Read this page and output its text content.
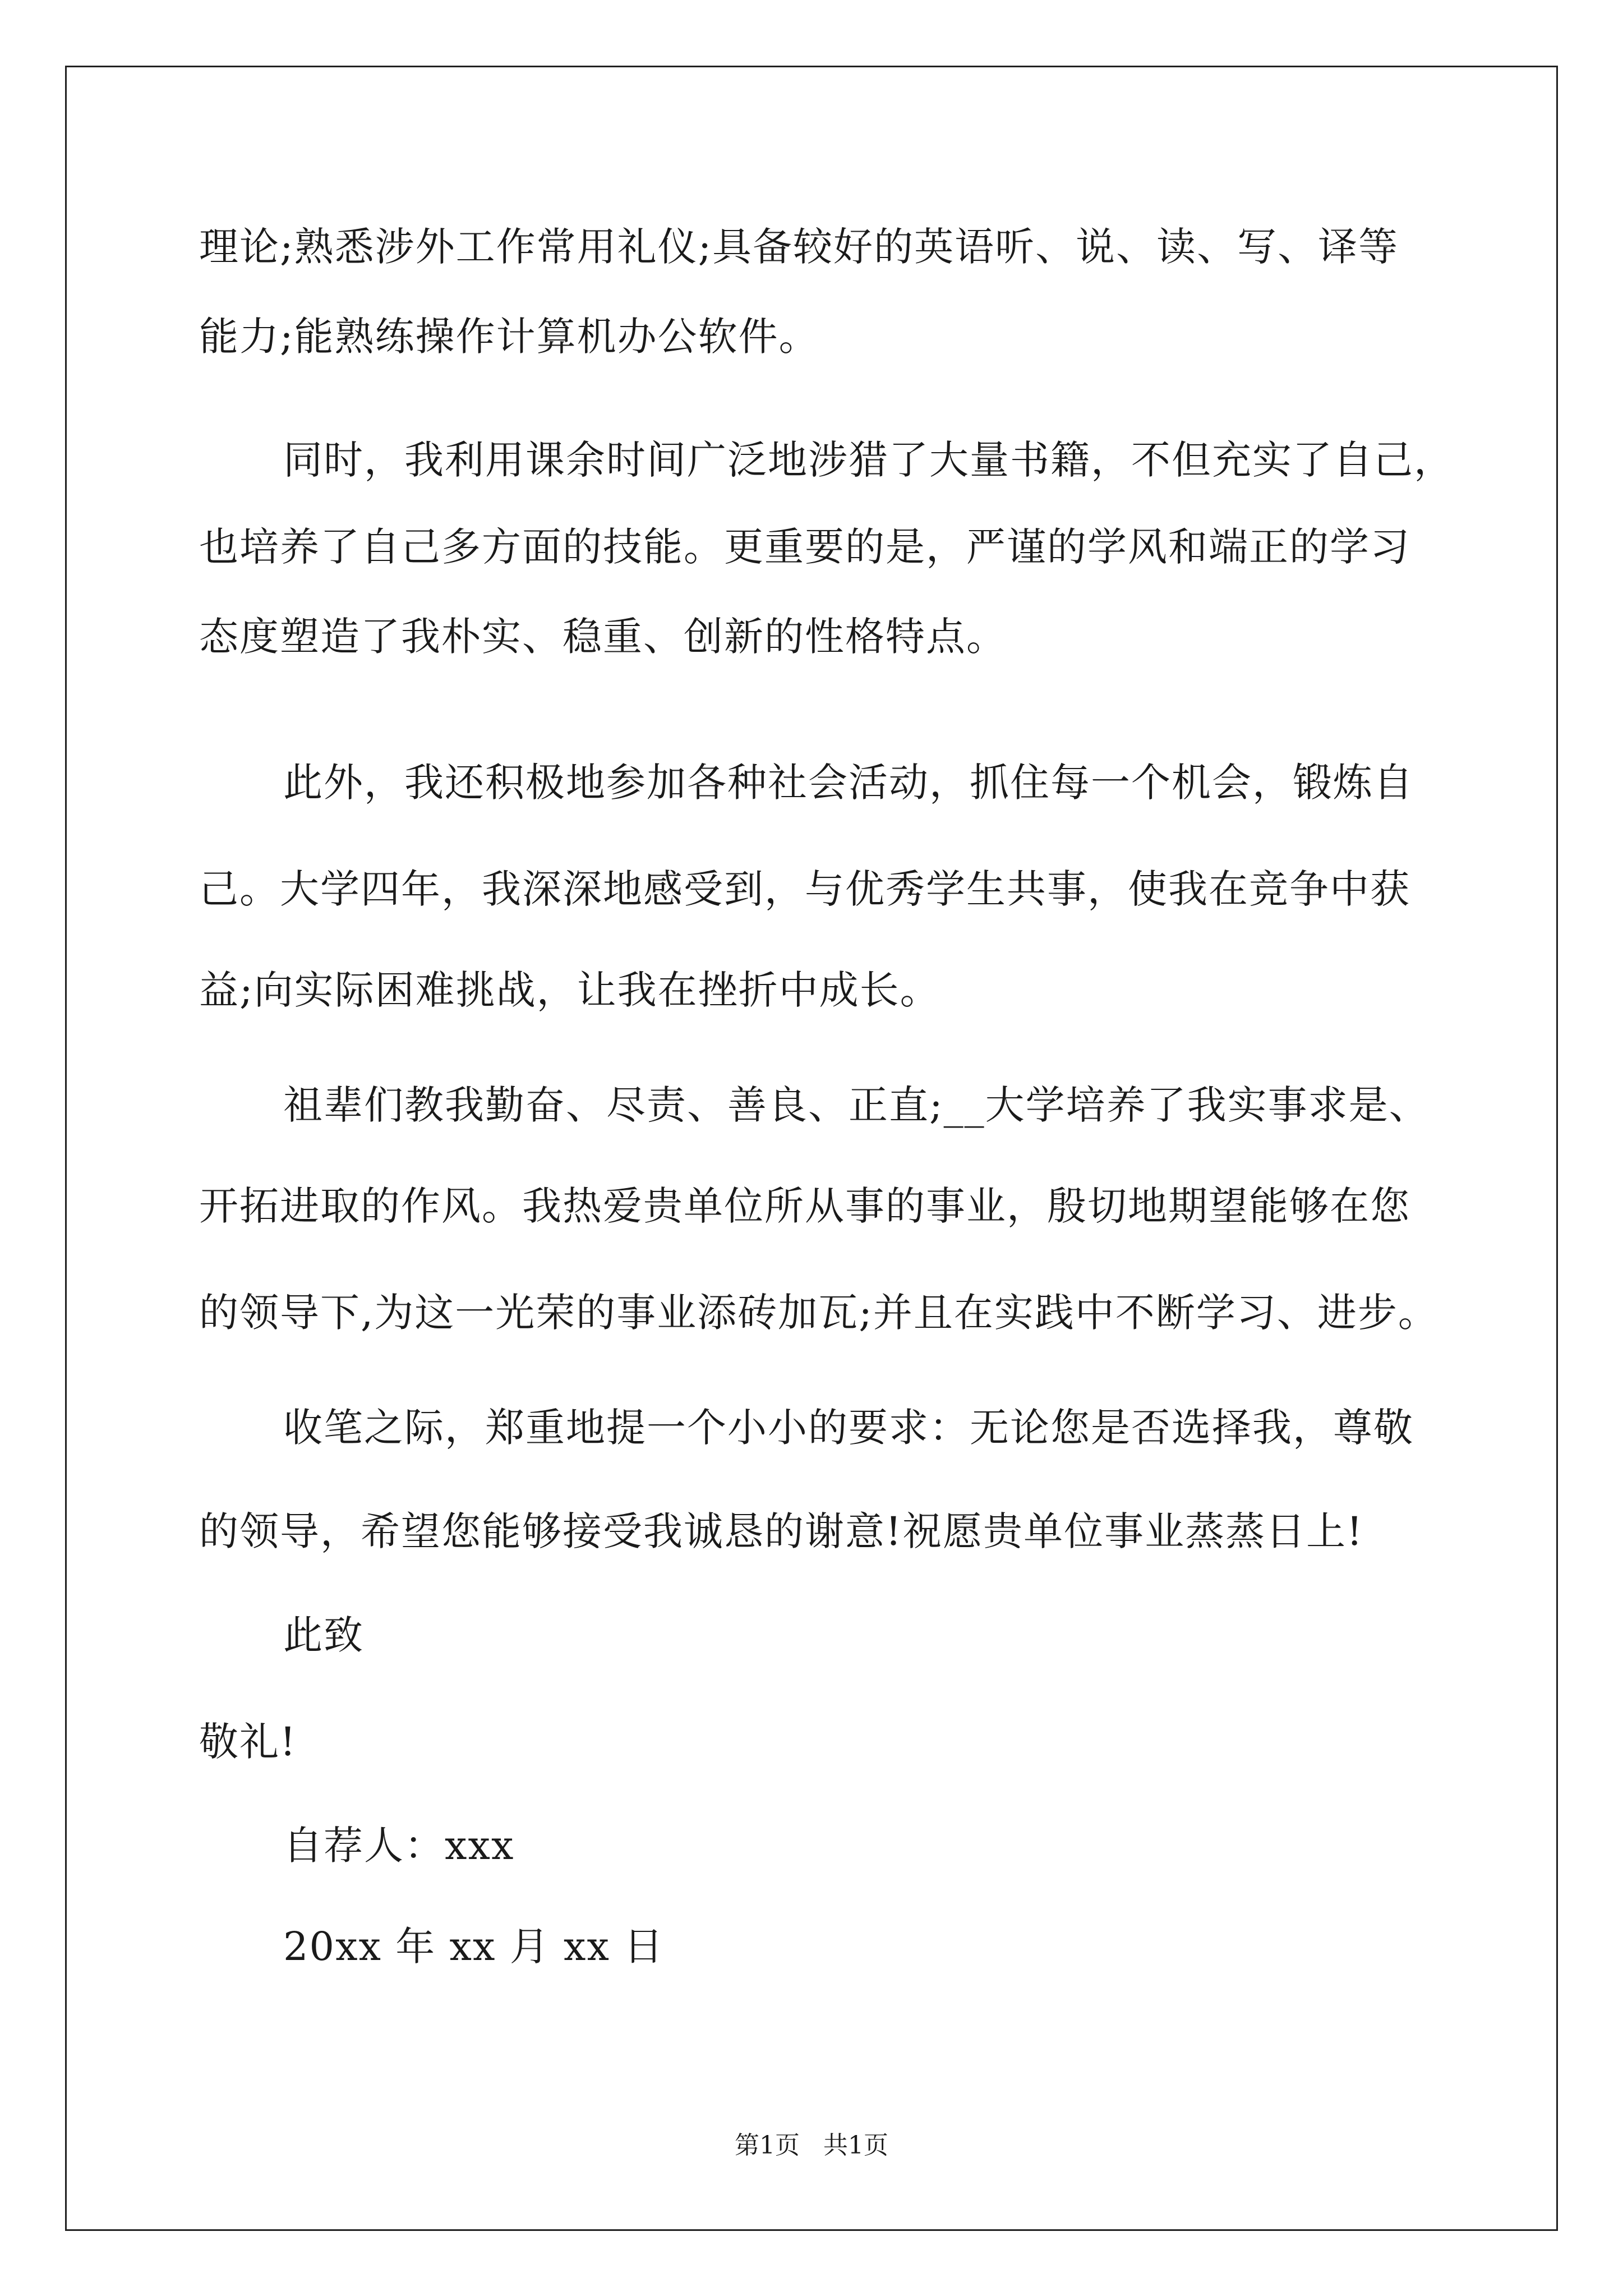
理论;熟悉涉外工作常用礼仪;具备较好的英语听、说、读、写、译等
能力;能熟练操作计算机办公软件。
同时，我利用课余时间广泛地涉猎了大量书籍，不但充实了自己，
也培养了自己多方面的技能。更重要的是，严谨的学风和端正的学习
态度塑造了我朴实、稳重、创新的性格特点。
此外，我还积极地参加各种社会活动，抓住每一个机会，锻炼自
己。大学四年，我深深地感受到，与优秀学生共事，使我在竞争中获
益;向实际困难挑战，让我在挫折中成长。
祖辈们教我勤奋、尽责、善良、正直;__大学培养了我实事求是、
开拓进取的作风。我热爱贵单位所从事的事业，殷切地期望能够在您
的领导下,为这一光荣的事业添砖加瓦;并且在实践中不断学习、进步。
收笔之际，郑重地提一个小小的要求：无论您是否选择我，尊敬
的领导，希望您能够接受我诚恳的谢意!祝愿贵单位事业蒸蒸日上!
此致
敬礼!
自荐人：xxx
20xx 年 xx 月 xx 日
第1页 共1页
